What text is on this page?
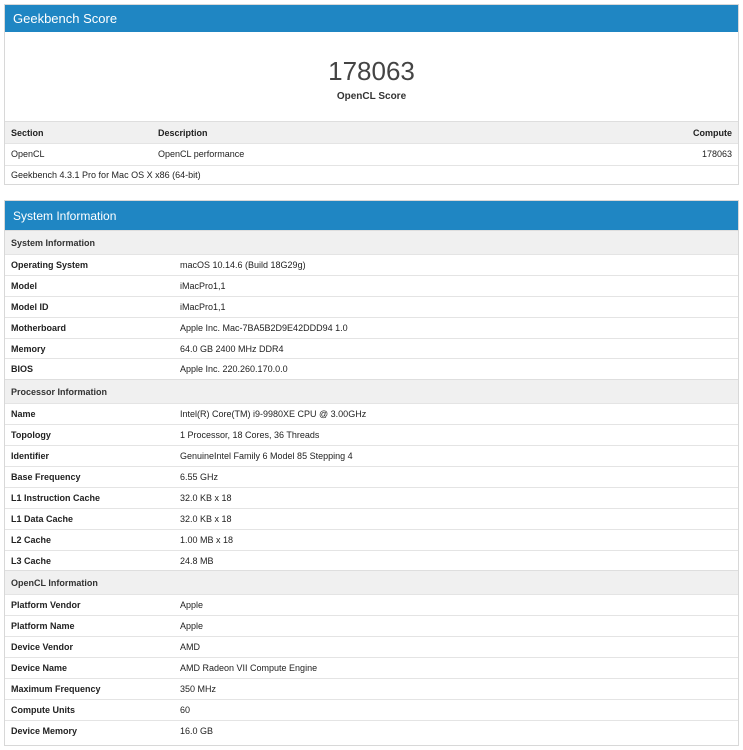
Geekbench Score
178063
OpenCL Score
Section	Description	Compute
OpenCL	OpenCL performance	178063
Geekbench 4.3.1 Pro for Mac OS X x86 (64-bit)
System Information
System Information	
Operating System	macOS 10.14.6 (Build 18G29g)
Model	iMacPro1,1
Model ID	iMacPro1,1
Motherboard	Apple Inc. Mac-7BA5B2D9E42DDD94 1.0
Memory	64.0 GB 2400 MHz DDR4
BIOS	Apple Inc. 220.260.170.0.0
Processor Information	
Name	Intel(R) Core(TM) i9-9980XE CPU @ 3.00GHz
Topology	1 Processor, 18 Cores, 36 Threads
Identifier	GenuineIntel Family 6 Model 85 Stepping 4
Base Frequency	6.55 GHz
L1 Instruction Cache	32.0 KB x 18
L1 Data Cache	32.0 KB x 18
L2 Cache	1.00 MB x 18
L3 Cache	24.8 MB
OpenCL Information	
Platform Vendor	Apple
Platform Name	Apple
Device Vendor	AMD
Device Name	AMD Radeon VII Compute Engine
Maximum Frequency	350 MHz
Compute Units	60
Device Memory	16.0 GB
